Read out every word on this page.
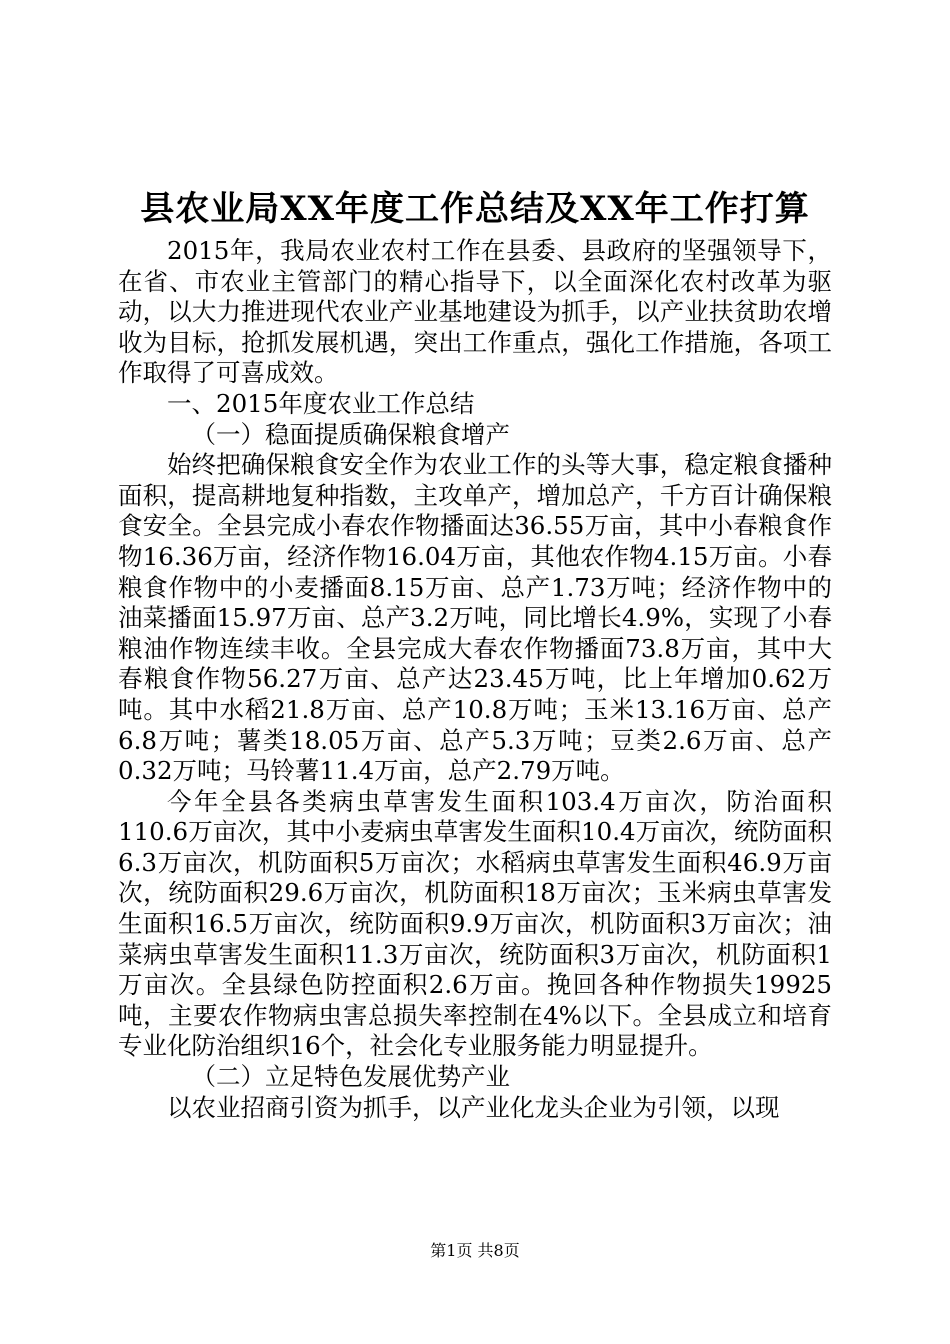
县农业局XX年度工作总结及XX年工作打算

2015年，我局农业农村工作在县委、县政府的坚强领导下，在省、市农业主管部门的精心指导下，以全面深化农村改革为驱动，以大力推进现代农业产业基地建设为抓手，以产业扶贫助农增收为目标，抢抓发展机遇，突出工作重点，强化工作措施，各项工作取得了可喜成效。

一、2015年度农业工作总结

（一）稳面提质确保粮食增产

始终把确保粮食安全作为农业工作的头等大事，稳定粮食播种面积，提高耕地复种指数，主攻单产，增加总产，千方百计确保粮食安全。全县完成小春农作物播面达36.55万亩，其中小春粮食作物16.36万亩，经济作物16.04万亩，其他农作物4.15万亩。小春粮食作物中的小麦播面8.15万亩、总产1.73万吨；经济作物中的油菜播面15.97万亩、总产3.2万吨，同比增长4.9%，实现了小春粮油作物连续丰收。全县完成大春农作物播面73.8万亩，其中大春粮食作物56.27万亩、总产达23.45万吨，比上年增加0.62万吨。其中水稻21.8万亩、总产10.8万吨；玉米13.16万亩、总产6.8万吨；薯类18.05万亩、总产5.3万吨；豆类2.6万亩、总产0.32万吨；马铃薯11.4万亩，总产2.79万吨。

今年全县各类病虫草害发生面积103.4万亩次，防治面积110.6万亩次，其中小麦病虫草害发生面积10.4万亩次，统防面积6.3万亩次，机防面积5万亩次；水稻病虫草害发生面积46.9万亩次，统防面积29.6万亩次，机防面积18万亩次；玉米病虫草害发生面积16.5万亩次，统防面积9.9万亩次，机防面积3万亩次；油菜病虫草害发生面积11.3万亩次，统防面积3万亩次，机防面积1万亩次。全县绿色防控面积2.6万亩。挽回各种作物损失19925吨，主要农作物病虫害总损失率控制在4%以下。全县成立和培育专业化防治组织16个，社会化专业服务能力明显提升。

（二）立足特色发展优势产业

以农业招商引资为抓手，以产业化龙头企业为引领，以现

第1页 共8页
